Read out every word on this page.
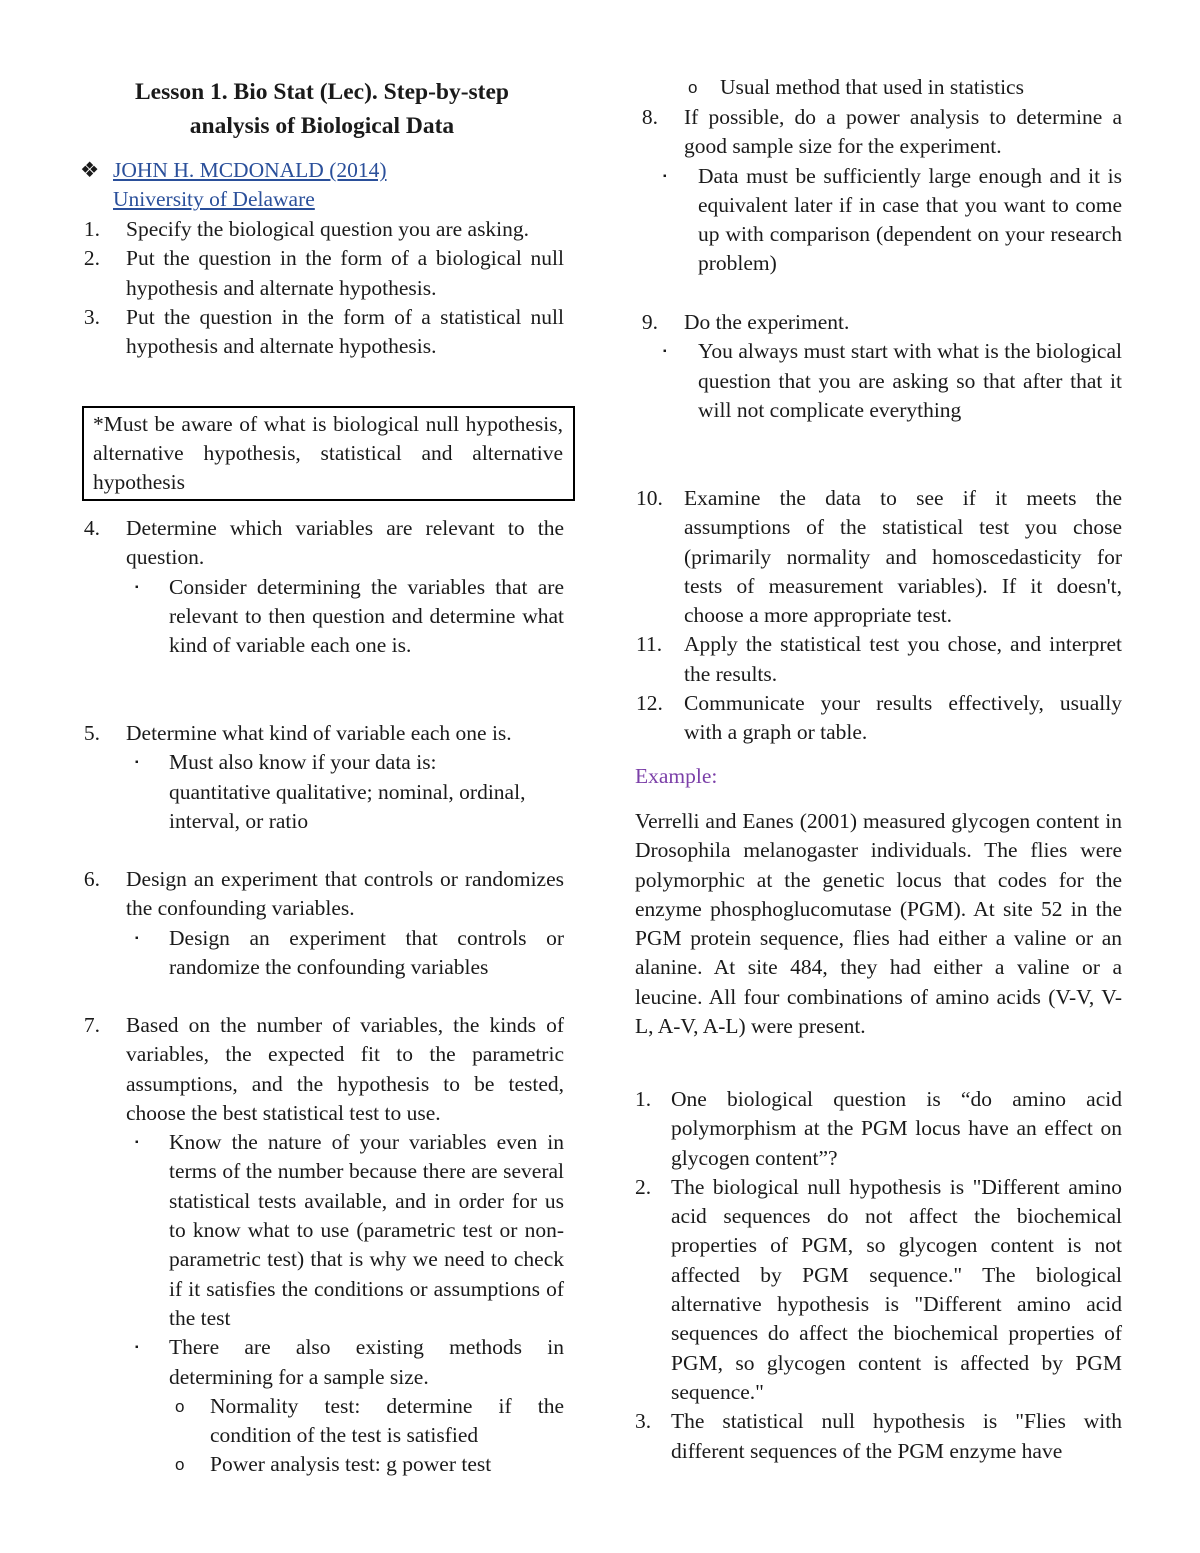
Lesson 1. Bio Stat (Lec). Step-by-step
analysis of Biological Data
❖ JOHN H. MCDONALD (2014)
University of Delaware
1. Specify the biological question you are asking.
2. Put the question in the form of a biological null hypothesis and alternate hypothesis.
3. Put the question in the form of a statistical null hypothesis and alternate hypothesis.
*Must be aware of what is biological null hypothesis, alternative hypothesis, statistical and alternative hypothesis
4. Determine which variables are relevant to the question.
▪ Consider determining the variables that are relevant to then question and determine what kind of variable each one is.
5. Determine what kind of variable each one is.
▪ Must also know if your data is:
quantitative qualitative; nominal, ordinal,
interval, or ratio
6. Design an experiment that controls or randomizes the confounding variables.
▪ Design an experiment that controls or randomize the confounding variables
7. Based on the number of variables, the kinds of variables, the expected fit to the parametric assumptions, and the hypothesis to be tested, choose the best statistical test to use.
▪ Know the nature of your variables even in terms of the number because there are several statistical tests available, and in order for us to know what to use (parametric test or non-parametric test) that is why we need to check if it satisfies the conditions or assumptions of the test
▪ There are also existing methods in determining for a sample size.
o Normality test: determine if the condition of the test is satisfied
o Power analysis test: g power test
o Usual method that used in statistics
8. If possible, do a power analysis to determine a good sample size for the experiment.
▪ Data must be sufficiently large enough and it is equivalent later if in case that you want to come up with comparison (dependent on your research problem)
9. Do the experiment.
▪ You always must start with what is the biological question that you are asking so that after that it will not complicate everything
10. Examine the data to see if it meets the assumptions of the statistical test you chose (primarily normality and homoscedasticity for tests of measurement variables). If it doesn't, choose a more appropriate test.
11. Apply the statistical test you chose, and interpret the results.
12. Communicate your results effectively, usually with a graph or table.
Example:
Verrelli and Eanes (2001) measured glycogen content in Drosophila melanogaster individuals. The flies were polymorphic at the genetic locus that codes for the enzyme phosphoglucomutase (PGM). At site 52 in the PGM protein sequence, flies had either a valine or an alanine. At site 484, they had either a valine or a leucine. All four combinations of amino acids (V-V, V-L, A-V, A-L) were present.
1. One biological question is “do amino acid polymorphism at the PGM locus have an effect on glycogen content”?
2. The biological null hypothesis is "Different amino acid sequences do not affect the biochemical properties of PGM, so glycogen content is not affected by PGM sequence." The biological alternative hypothesis is "Different amino acid sequences do affect the biochemical properties of PGM, so glycogen content is affected by PGM sequence."
3. The statistical null hypothesis is "Flies with different sequences of the PGM enzyme have
